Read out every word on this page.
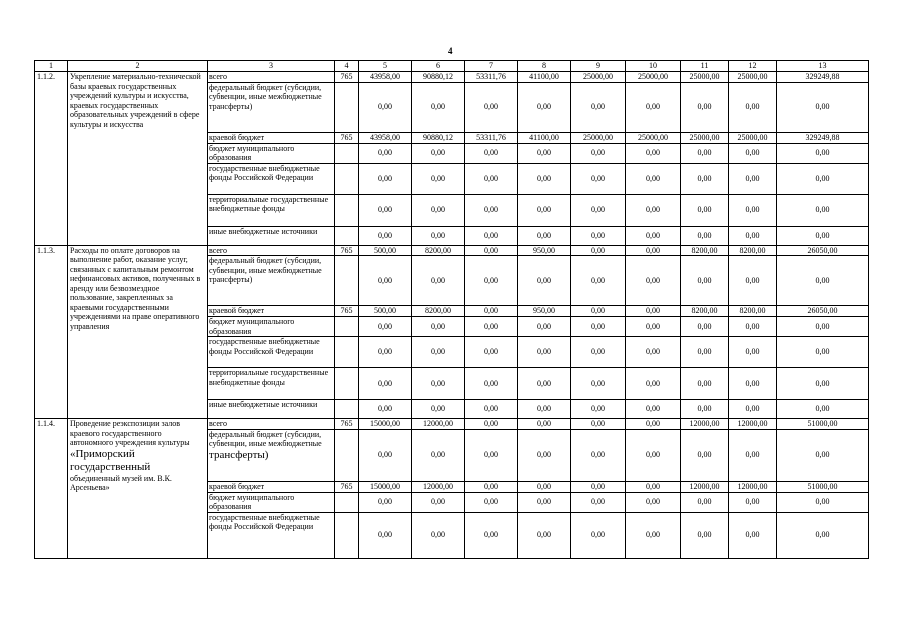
4
1	2	3	4	5	6	7	8	9	10	11	12	13
1.1.2.	Укрепление материально-технической базы краевых государственных учреждений культуры и искусства, краевых государственных образовательных учреждений в сфере культуры и искусства	всего	765	43958,00	90880,12	53311,76	41100,00	25000,00	25000,00	25000,00	25000,00	329249,88
		федеральный бюджет (субсидии, субвенции, иные межбюджетные трансферты)		0,00	0,00	0,00	0,00	0,00	0,00	0,00	0,00	0,00
		краевой бюджет	765	43958,00	90880,12	53311,76	41100,00	25000,00	25000,00	25000,00	25000,00	329249,88
		бюджет муниципального образования		0,00	0,00	0,00	0,00	0,00	0,00	0,00	0,00	0,00
		государственные внебюджетные фонды Российской Федерации		0,00	0,00	0,00	0,00	0,00	0,00	0,00	0,00	0,00
		территориальные государственные внебюджетные фонды		0,00	0,00	0,00	0,00	0,00	0,00	0,00	0,00	0,00
		иные внебюджетные источники		0,00	0,00	0,00	0,00	0,00	0,00	0,00	0,00	0,00
1.1.3.	Расходы по оплате договоров на выполнение работ, оказание услуг, связанных с капитальным ремонтом нефинансовых активов, полученных в аренду или безвозмездное пользование, закрепленных за краевыми государственными учреждениями на праве оперативного управления	всего	765	500,00	8200,00	0,00	950,00	0,00	0,00	8200,00	8200,00	26050,00
		федеральный бюджет (субсидии, субвенции, иные межбюджетные трансферты)		0,00	0,00	0,00	0,00	0,00	0,00	0,00	0,00	0,00
		краевой бюджет	765	500,00	8200,00	0,00	950,00	0,00	0,00	8200,00	8200,00	26050,00
		бюджет муниципального образования		0,00	0,00	0,00	0,00	0,00	0,00	0,00	0,00	0,00
		государственные внебюджетные фонды Российской Федерации		0,00	0,00	0,00	0,00	0,00	0,00	0,00	0,00	0,00
		территориальные государственные внебюджетные фонды		0,00	0,00	0,00	0,00	0,00	0,00	0,00	0,00	0,00
		иные внебюджетные источники		0,00	0,00	0,00	0,00	0,00	0,00	0,00	0,00	0,00
1.1.4.	Проведение реэкспозиции залов краевого государственного автономного учреждения культуры
«Приморский государственный
объединенный музей им. В.К. Арсеньева»	всего	765	15000,00	12000,00	0,00	0,00	0,00	0,00	12000,00	12000,00	51000,00

		федеральный бюджет (субсидии, субвенции, иные межбюджетные
трансферты)		0,00	0,00	0,00	0,00	0,00	0,00	0,00	0,00	0,00
		краевой бюджет	765	15000,00	12000,00	0,00	0,00	0,00	0,00	12000,00	12000,00	51000,00
		бюджет муниципального образования		0,00	0,00	0,00	0,00	0,00	0,00	0,00	0,00	0,00
		государственные внебюджетные фонды Российской Федерации		0,00	0,00	0,00	0,00	0,00	0,00	0,00	0,00	0,00
